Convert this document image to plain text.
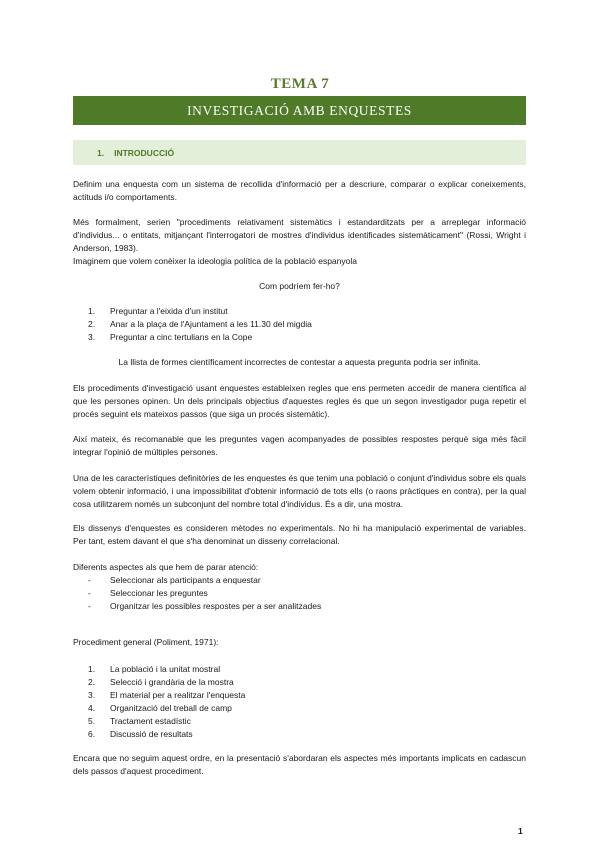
TEMA 7
INVESTIGACIÓ AMB ENQUESTES
1. INTRODUCCIÓ
Definim una enquesta com un sistema de recollida d'informació per a descriure, comparar o explicar coneixements, actituds i/o comportaments.
Més formalment, serien "procediments relativament sistemàtics i estandarditzats per a arreplegar informació d'individus... o entitats, mitjançant l'interrogatori de mostres d'individus identificades sistemàticament" (Rossi, Wright i Anderson, 1983).
Imaginem que volem conèixer la ideologia política de la població espanyola
Com podríem fer-ho?
1. Preguntar a l'eixida d'un institut
2. Anar a la plaça de l'Ajuntament a les 11.30 del migdia
3. Preguntar a cinc tertulians en la Cope
La llista de formes científicament incorrectes de contestar a aquesta pregunta podria ser infinita.
Els procediments d'investigació usant enquestes estableixen regles que ens permeten accedir de manera científica al que les persones opinen. Un dels principals objectius d'aquestes regles és que un segon investigador puga repetir el procés seguint els mateixos passos (que siga un procés sistemàtic).
Així mateix, és recomanable que les preguntes vagen acompanyades de possibles respostes perquè siga més fàcil integrar l'opinió de múltiples persones.
Una de les característiques definitòries de les enquestes és que tenim una població o conjunt d'individus sobre els quals volem obtenir informació, i una impossibilitat d'obtenir informació de tots ells (o raons pràctiques en contra), per la qual cosa utilitzarem només un subconjunt del nombre total d'individus. És a dir, una mostra.
Els dissenys d'enquestes es consideren mètodes no experimentals. No hi ha manipulació experimental de variables. Per tant, estem davant el que s'ha denominat un disseny correlacional.
Diferents aspectes als que hem de parar atenció:
- Seleccionar als participants a enquestar
- Seleccionar les preguntes
- Organitzar les possibles respostes per a ser analitzades
Procediment general (Poliment, 1971):
1. La població i la unitat mostral
2. Selecció i grandària de la mostra
3. El material per a realitzar l'enquesta
4. Organització del treball de camp
5. Tractament estadístic
6. Discussió de resultats
Encara que no seguim aquest ordre, en la presentació s'abordaran els aspectes més importants implicats en cadascun dels passos d'aquest procediment.
1
